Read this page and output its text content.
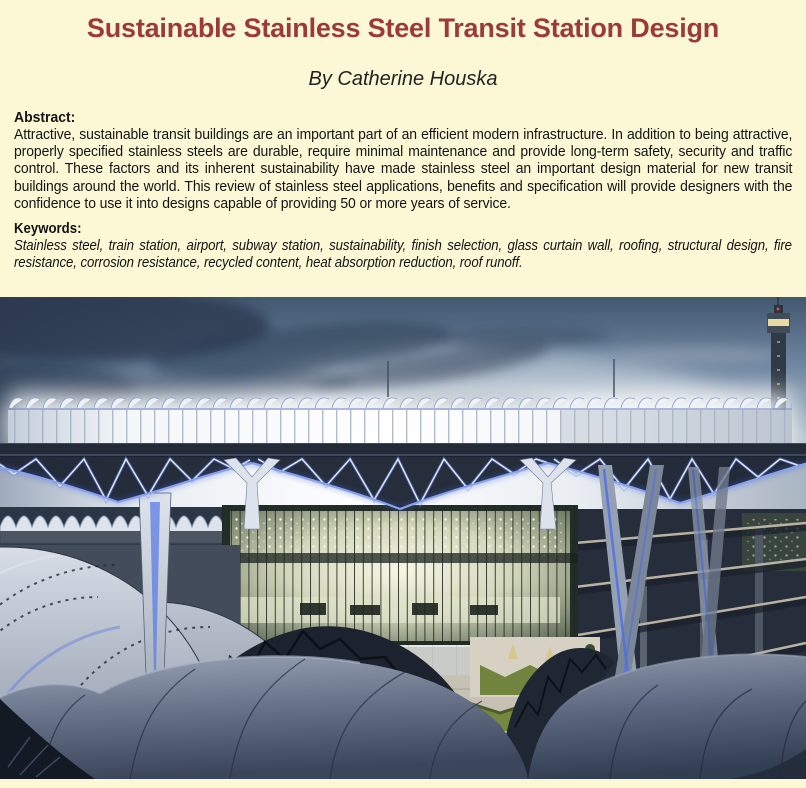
Sustainable Stainless Steel Transit Station Design
By Catherine Houska
Abstract:

Attractive, sustainable transit buildings are an important part of an efficient modern infrastructure. In addition to being attractive, properly specified stainless steels are durable, require minimal maintenance and provide long-term safety, security and traffic control. These factors and its inherent sustainability have made stainless steel an important design material for new transit buildings around the world. This review of stainless steel applications, benefits and specification will provide designers with the confidence to use it into designs capable of providing 50 or more years of service.

Keywords:

Stainless steel, train station, airport, subway station, sustainability, finish selection, glass curtain wall, roofing, structural design, fire resistance, corrosion resistance, recycled content, heat absorption reduction, roof runoff.
